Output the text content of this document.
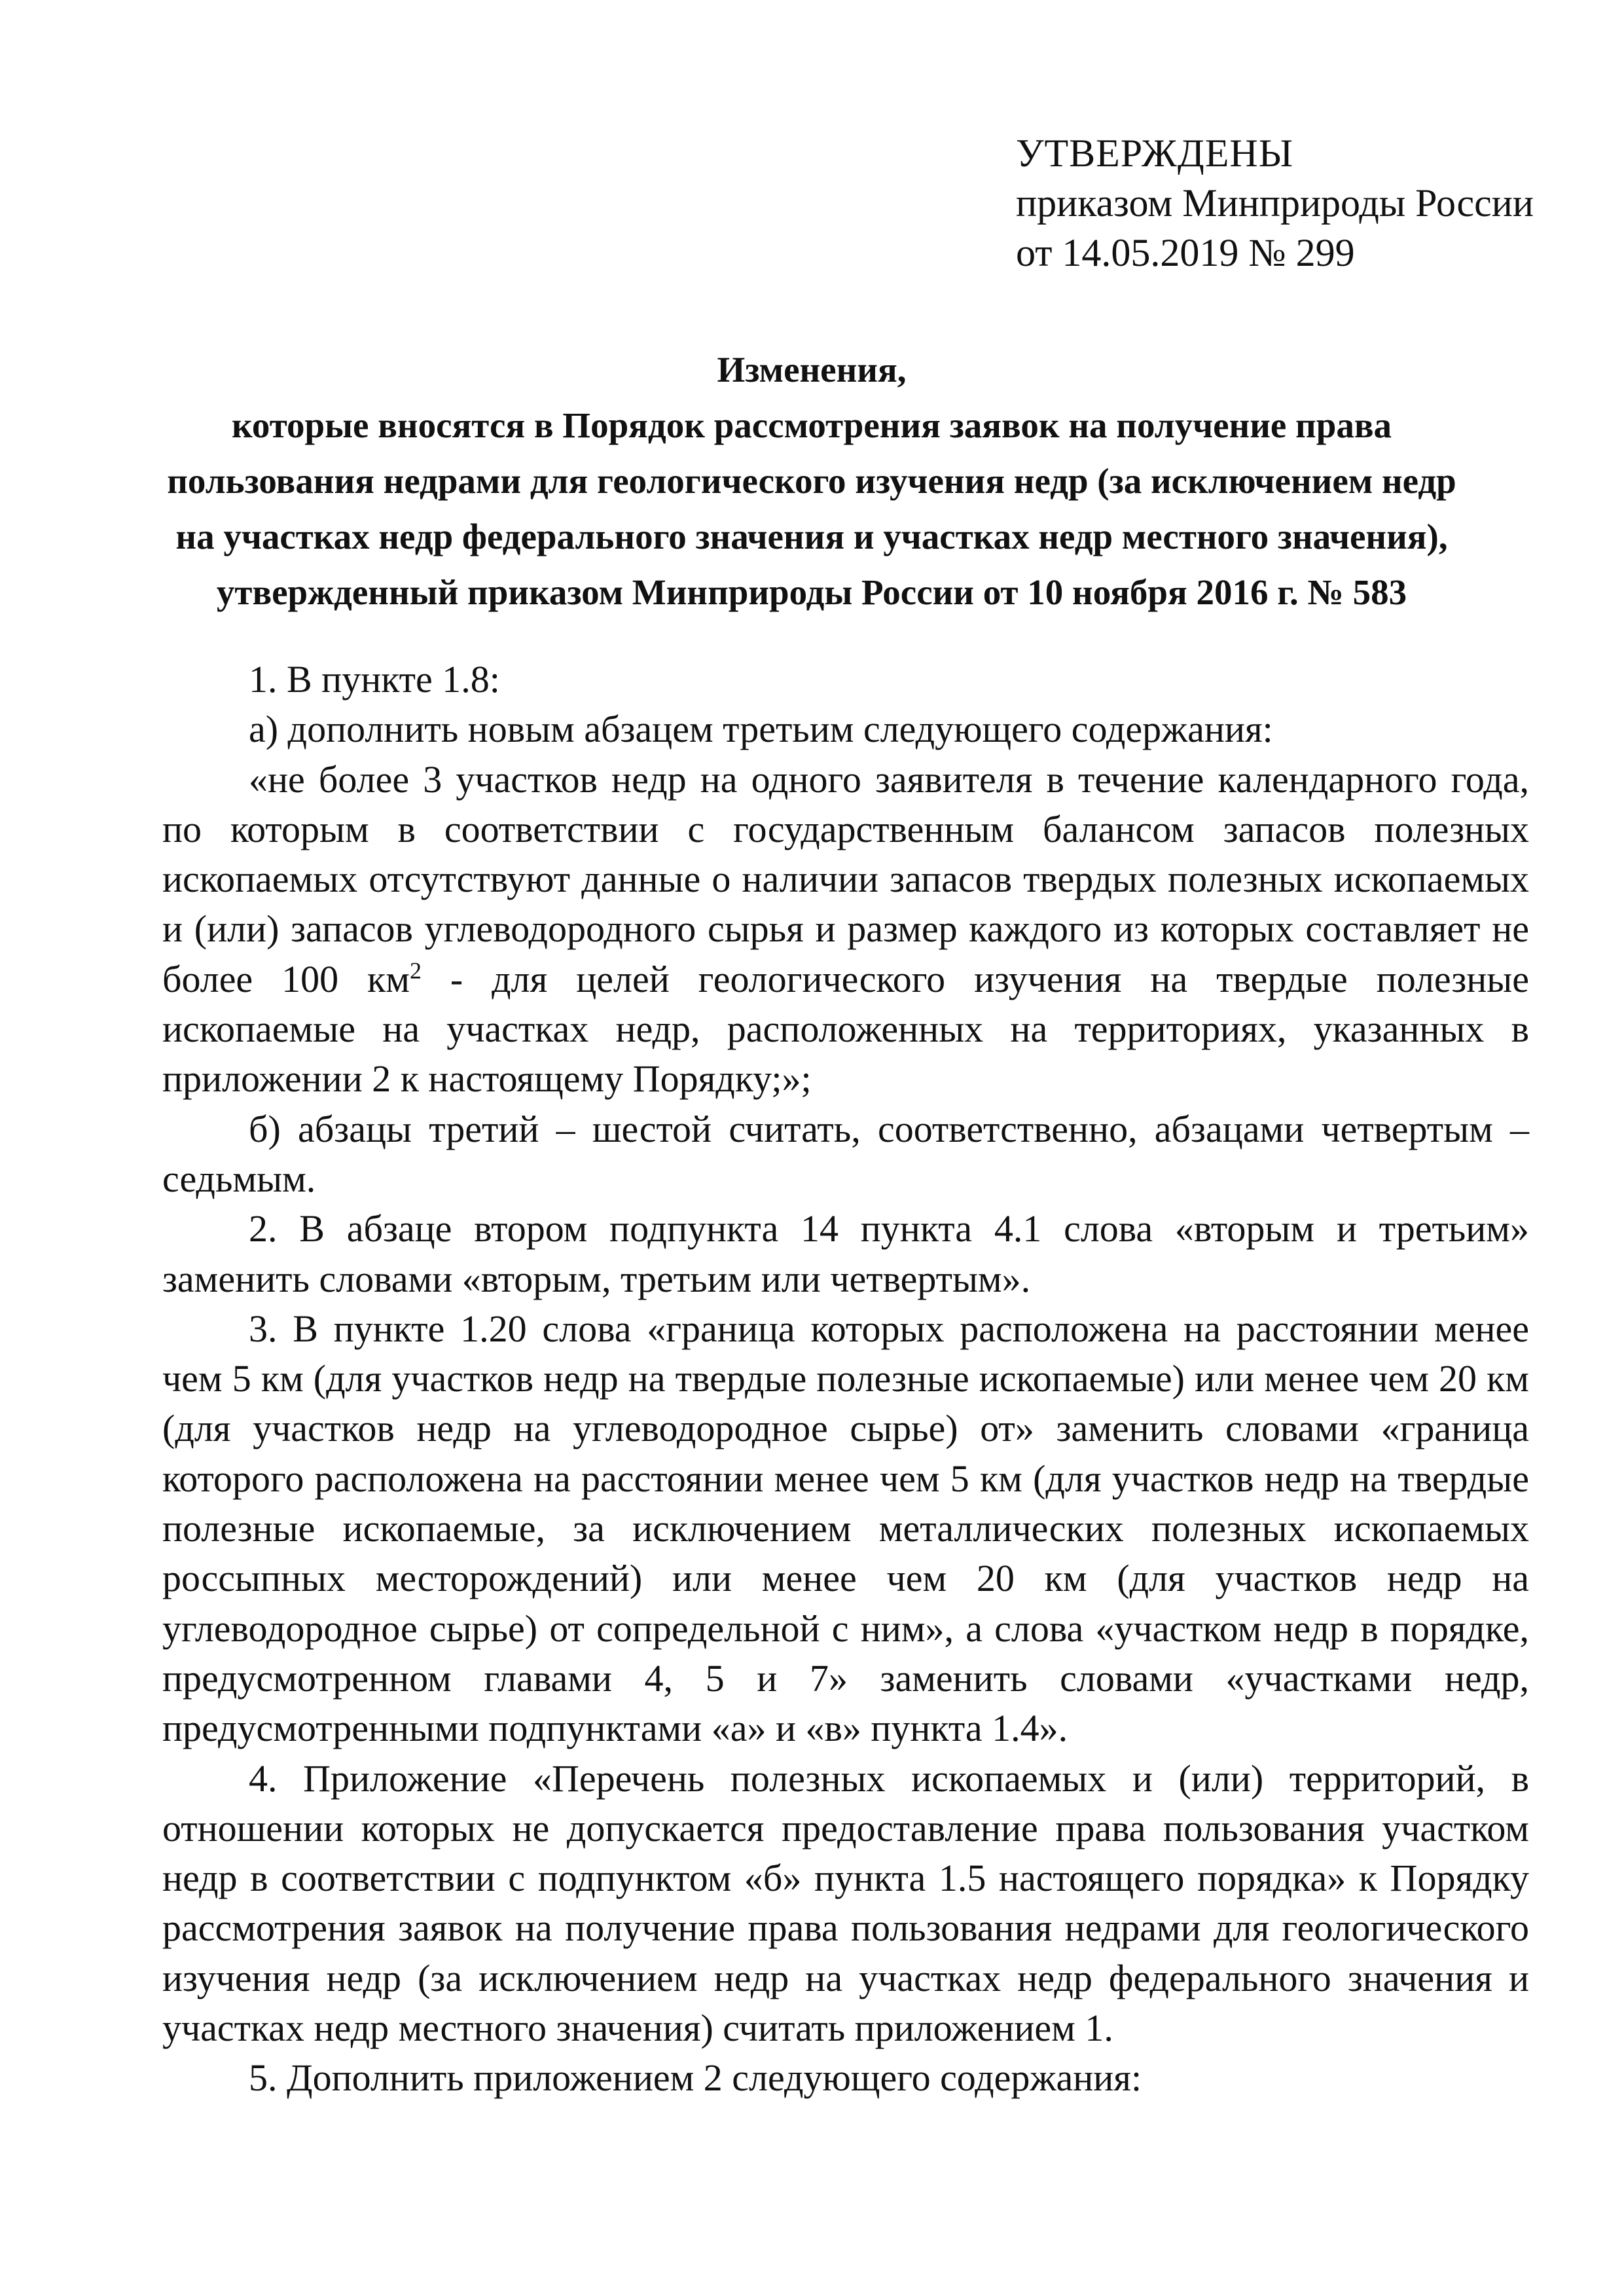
УТВЕРЖДЕНЫ
приказом Минприроды России
от 14.05.2019 № 299
Изменения,
которые вносятся в Порядок рассмотрения заявок на получение права
пользования недрами для геологического изучения недр (за исключением недр
на участках недр федерального значения и участках недр местного значения),
утвержденный приказом Минприроды России от 10 ноября 2016 г. № 583

1. В пункте 1.8:

а) дополнить новым абзацем третьим следующего содержания:

«не более 3 участков недр на одного заявителя в течение календарного года, по которым в соответствии с государственным балансом запасов полезных ископаемых отсутствуют данные о наличии запасов твердых полезных ископаемых и (или) запасов углеводородного сырья и размер каждого из которых составляет не более 100 $км^2$ - для целей геологического изучения на твердые полезные ископаемые на участках недр, расположенных на территориях, указанных в приложении 2 к настоящему Порядку;»;

б) абзацы третий – шестой считать, соответственно, абзацами четвертым – седьмым.

2. В абзаце втором подпункта 14 пункта 4.1 слова «вторым и третьим» заменить словами «вторым, третьим или четвертым».

3. В пункте 1.20 слова «граница которых расположена на расстоянии менее чем 5 км (для участков недр на твердые полезные ископаемые) или менее чем 20 км (для участков недр на углеводородное сырье) от» заменить словами «граница которого расположена на расстоянии менее чем 5 км (для участков недр на твердые полезные ископаемые, за исключением металлических полезных ископаемых россыпных месторождений) или менее чем 20 км (для участков недр на углеводородное сырье) от сопредельной с ним», а слова «участком недр в порядке, предусмотренном главами 4, 5 и 7» заменить словами «участками недр, предусмотренными подпунктами «а» и «в» пункта 1.4».

4. Приложение «Перечень полезных ископаемых и (или) территорий, в отношении которых не допускается предоставление права пользования участком недр в соответствии с подпунктом «б» пункта 1.5 настоящего порядка» к Порядку рассмотрения заявок на получение права пользования недрами для геологического изучения недр (за исключением недр на участках недр федерального значения и участках недр местного значения) считать приложением 1.

5. Дополнить приложением 2 следующего содержания:
